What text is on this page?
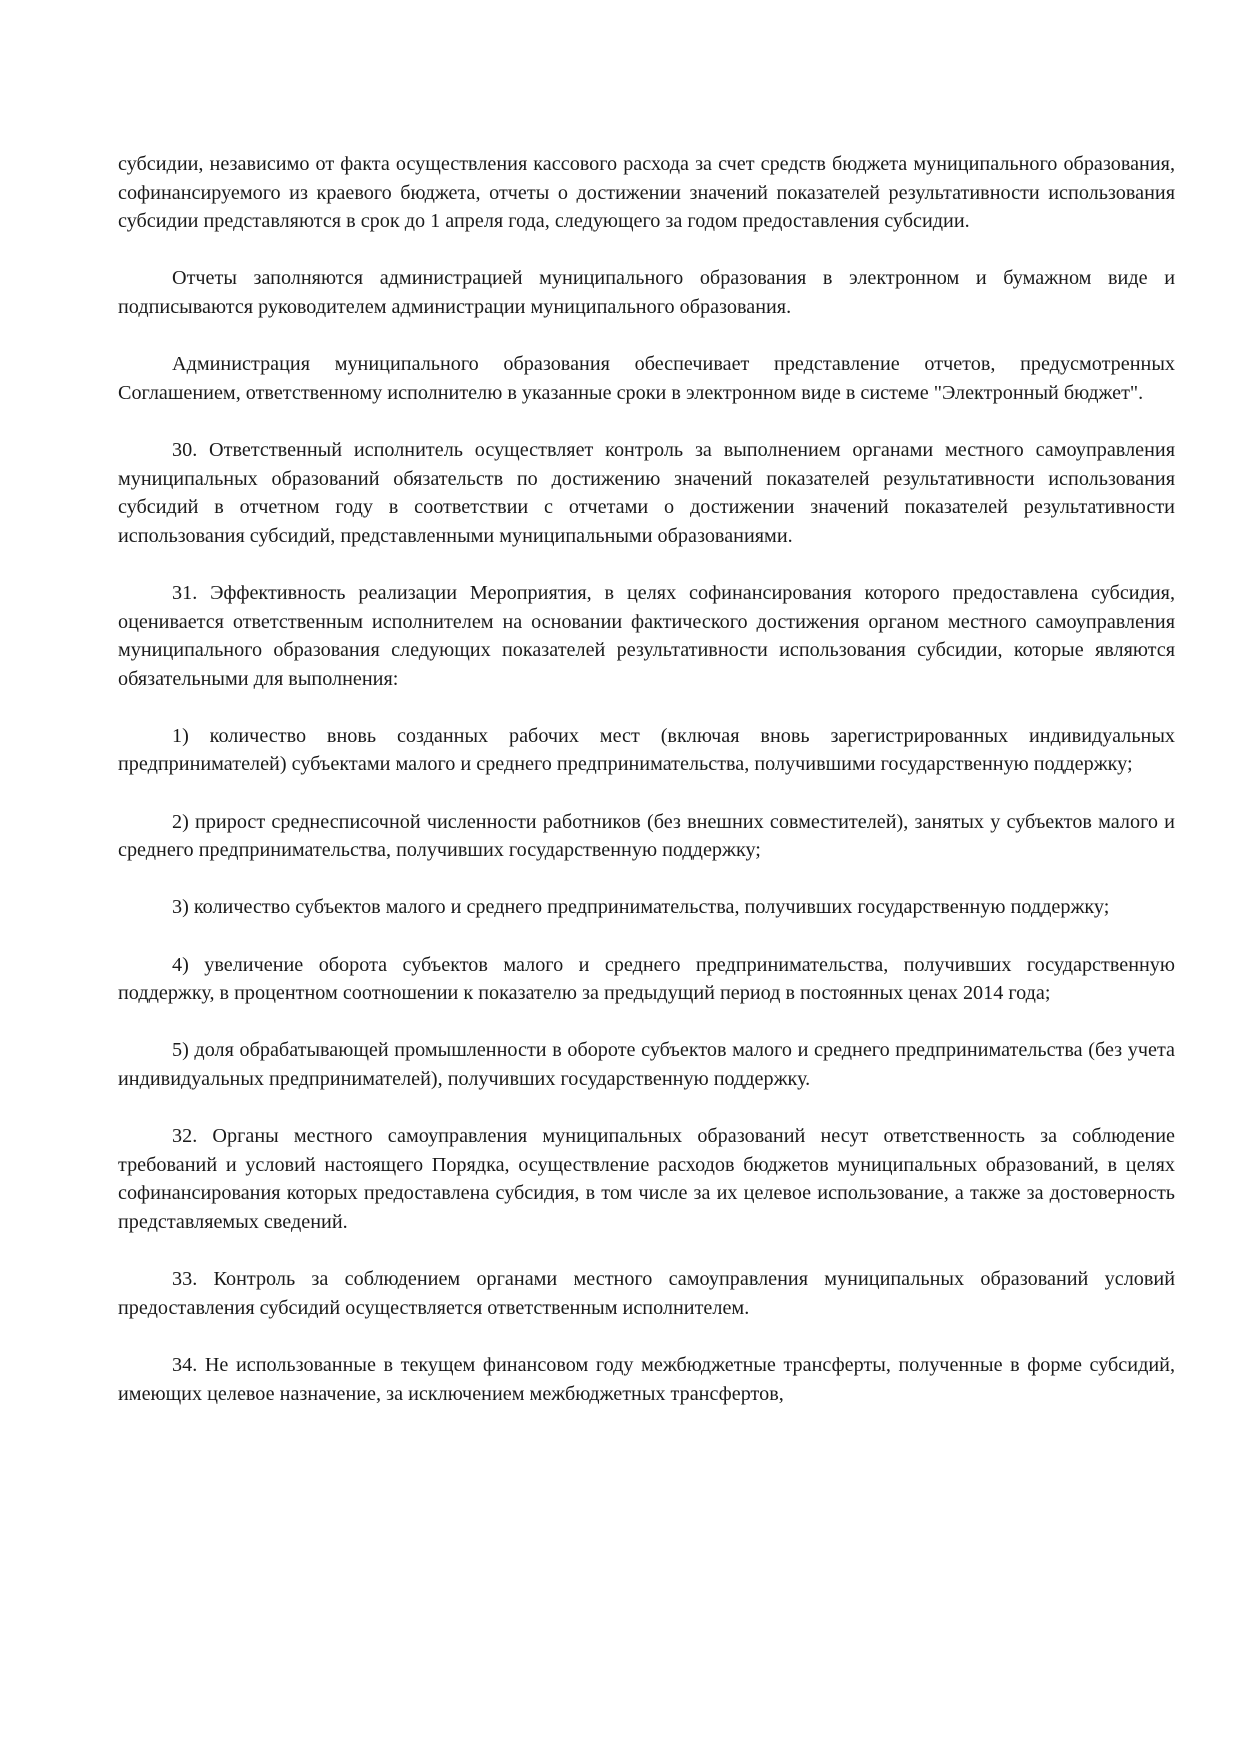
субсидии, независимо от факта осуществления кассового расхода за счет средств бюджета муниципального образования, софинансируемого из краевого бюджета, отчеты о достижении значений показателей результативности использования субсидии представляются в срок до 1 апреля года, следующего за годом предоставления субсидии.

Отчеты заполняются администрацией муниципального образования в электронном и бумажном виде и подписываются руководителем администрации муниципального образования.

Администрация муниципального образования обеспечивает представление отчетов, предусмотренных Соглашением, ответственному исполнителю в указанные сроки в электронном виде в системе "Электронный бюджет".

30. Ответственный исполнитель осуществляет контроль за выполнением органами местного самоуправления муниципальных образований обязательств по достижению значений показателей результативности использования субсидий в отчетном году в соответствии с отчетами о достижении значений показателей результативности использования субсидий, представленными муниципальными образованиями.

31. Эффективность реализации Мероприятия, в целях софинансирования которого предоставлена субсидия, оценивается ответственным исполнителем на основании фактического достижения органом местного самоуправления муниципального образования следующих показателей результативности использования субсидии, которые являются обязательными для выполнения:

1) количество вновь созданных рабочих мест (включая вновь зарегистрированных индивидуальных предпринимателей) субъектами малого и среднего предпринимательства, получившими государственную поддержку;

2) прирост среднесписочной численности работников (без внешних совместителей), занятых у субъектов малого и среднего предпринимательства, получивших государственную поддержку;

3) количество субъектов малого и среднего предпринимательства, получивших государственную поддержку;

4) увеличение оборота субъектов малого и среднего предпринимательства, получивших государственную поддержку, в процентном соотношении к показателю за предыдущий период в постоянных ценах 2014 года;

5) доля обрабатывающей промышленности в обороте субъектов малого и среднего предпринимательства (без учета индивидуальных предпринимателей), получивших государственную поддержку.

32. Органы местного самоуправления муниципальных образований несут ответственность за соблюдение требований и условий настоящего Порядка, осуществление расходов бюджетов муниципальных образований, в целях софинансирования которых предоставлена субсидия, в том числе за их целевое использование, а также за достоверность представляемых сведений.

33. Контроль за соблюдением органами местного самоуправления муниципальных образований условий предоставления субсидий осуществляется ответственным исполнителем.

34. Не использованные в текущем финансовом году межбюджетные трансферты, полученные в форме субсидий, имеющих целевое назначение, за исключением межбюджетных трансфертов,
